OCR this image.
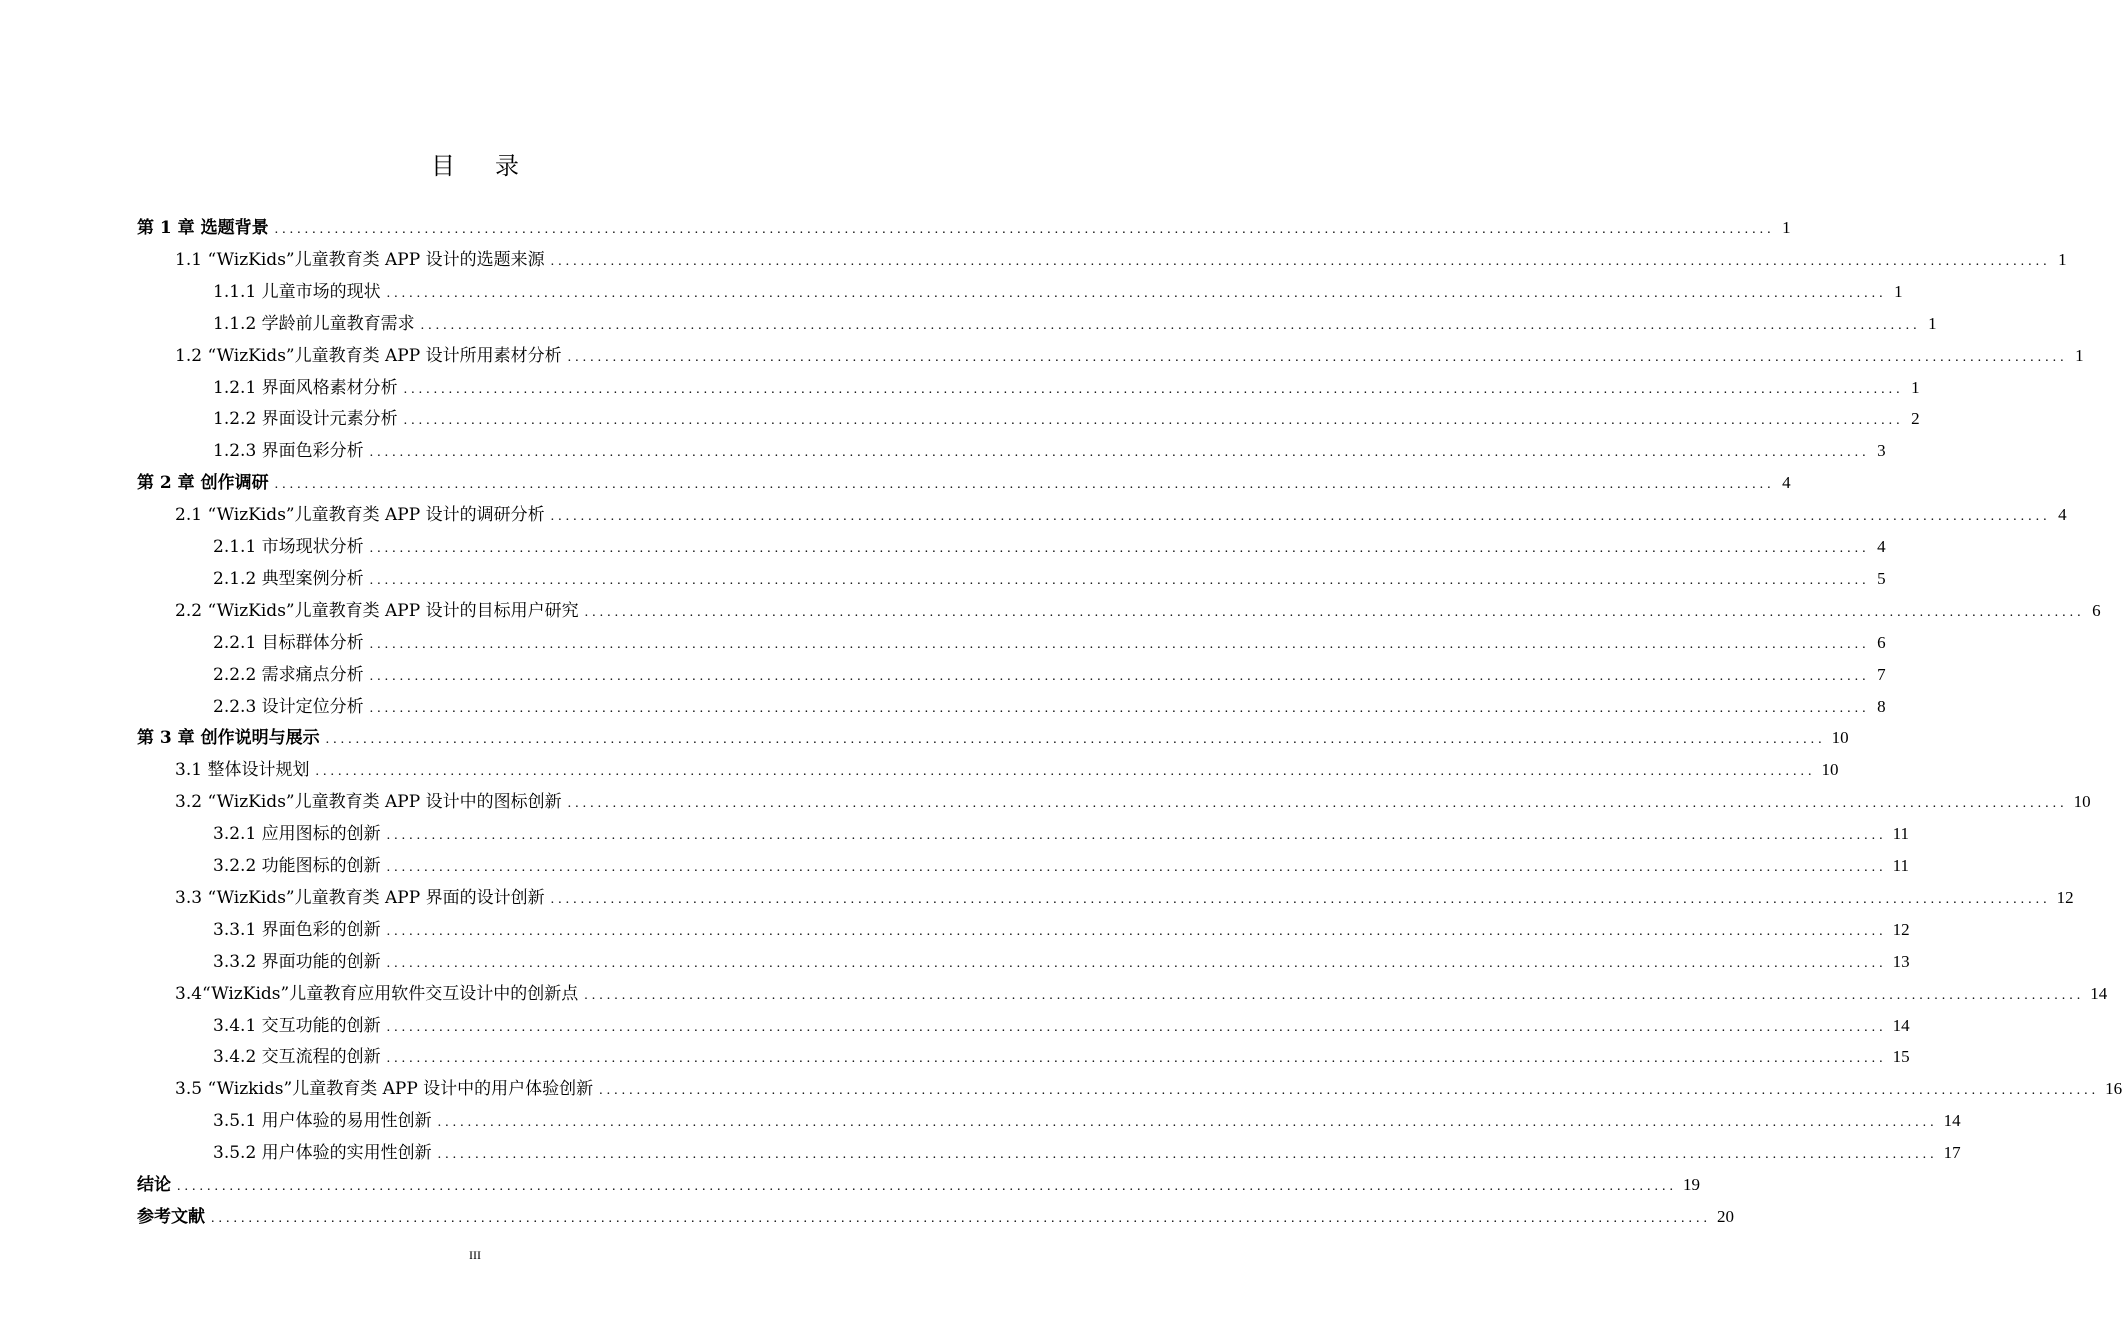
目 录
第 1 章 选题背景 ........................................................................................................................................................................................................ 1
1.1 “WizKids”儿童教育类 APP 设计的选题来源 ........................................................................................................................................................................................................ 1
1.1.1 儿童市场的现状 ........................................................................................................................................................................................................ 1
1.1.2 学龄前儿童教育需求 ........................................................................................................................................................................................................ 1
1.2 “WizKids”儿童教育类 APP 设计所用素材分析 ........................................................................................................................................................................................................ 1
1.2.1 界面风格素材分析 ........................................................................................................................................................................................................ 1
1.2.2 界面设计元素分析 ........................................................................................................................................................................................................ 2
1.2.3 界面色彩分析 ........................................................................................................................................................................................................ 3
第 2 章 创作调研 ........................................................................................................................................................................................................ 4
2.1 “WizKids”儿童教育类 APP 设计的调研分析 ........................................................................................................................................................................................................ 4
2.1.1 市场现状分析 ........................................................................................................................................................................................................ 4
2.1.2 典型案例分析 ........................................................................................................................................................................................................ 5
2.2 “WizKids”儿童教育类 APP 设计的目标用户研究 ........................................................................................................................................................................................................ 6
2.2.1 目标群体分析 ........................................................................................................................................................................................................ 6
2.2.2 需求痛点分析 ........................................................................................................................................................................................................ 7
2.2.3 设计定位分析 ........................................................................................................................................................................................................ 8
第 3 章 创作说明与展示 ........................................................................................................................................................................................................ 10
3.1 整体设计规划 ........................................................................................................................................................................................................ 10
3.2 “WizKids”儿童教育类 APP 设计中的图标创新 ........................................................................................................................................................................................................ 10
3.2.1 应用图标的创新 ........................................................................................................................................................................................................ 11
3.2.2 功能图标的创新 ........................................................................................................................................................................................................ 11
3.3 “WizKids”儿童教育类 APP 界面的设计创新 ........................................................................................................................................................................................................ 12
3.3.1 界面色彩的创新 ........................................................................................................................................................................................................ 12
3.3.2 界面功能的创新 ........................................................................................................................................................................................................ 13
3.4“WizKids”儿童教育应用软件交互设计中的创新点 ........................................................................................................................................................................................................ 14
3.4.1 交互功能的创新 ........................................................................................................................................................................................................ 14
3.4.2 交互流程的创新 ........................................................................................................................................................................................................ 15
3.5 “Wizkids”儿童教育类 APP 设计中的用户体验创新 ........................................................................................................................................................................................................ 16
3.5.1 用户体验的易用性创新 ........................................................................................................................................................................................................ 14
3.5.2 用户体验的实用性创新 ........................................................................................................................................................................................................ 17
结论 ........................................................................................................................................................................................................ 19
参考文献 ........................................................................................................................................................................................................ 20
III
